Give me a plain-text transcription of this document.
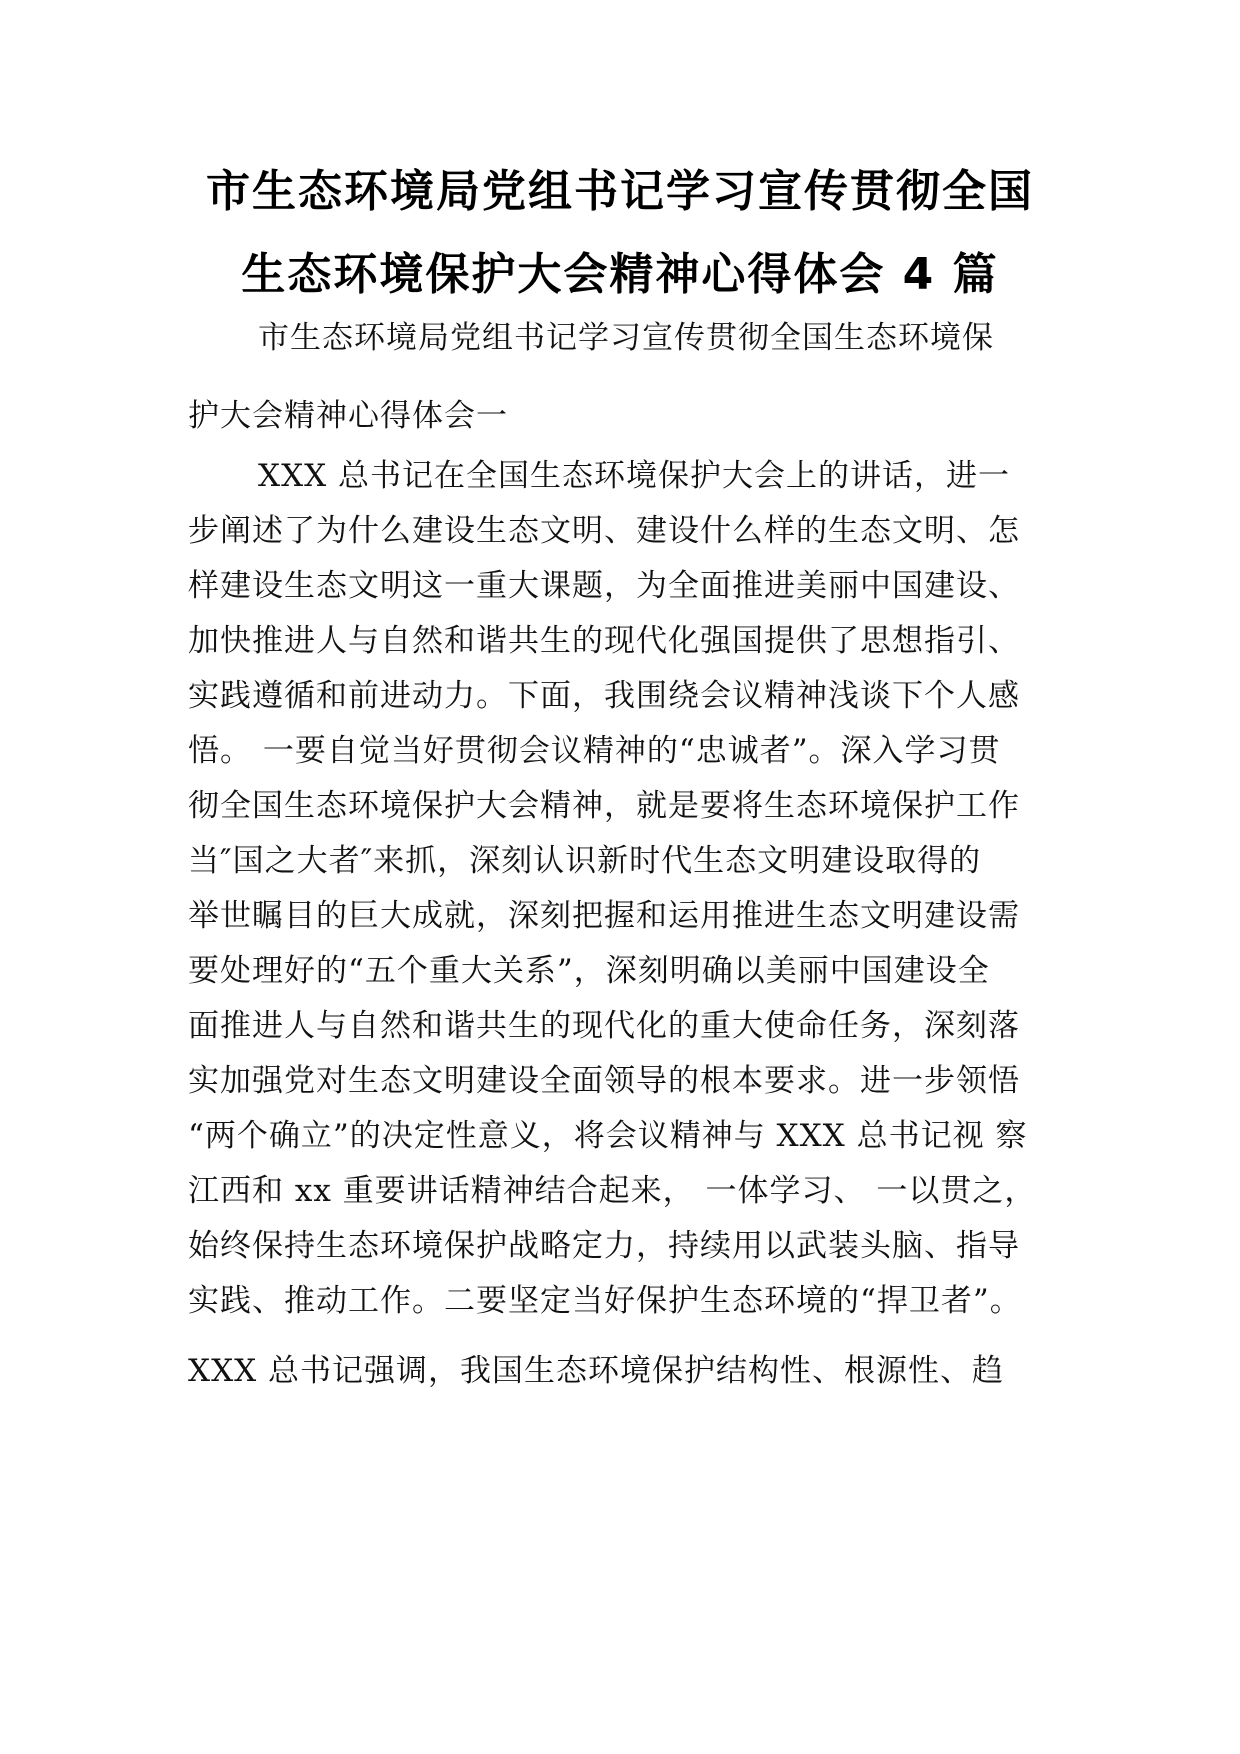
市生态环境局党组书记学习宣传贯彻全国
生态环境保护大会精神心得体会 4 篇
市生态环境局党组书记学习宣传贯彻全国生态环境保
护大会精神心得体会一
XXX 总书记在全国生态环境保护大会上的讲话，进一
步阐述了为什么建设生态文明、建设什么样的生态文明、怎
样建设生态文明这一重大课题，为全面推进美丽中国建设、
加快推进人与自然和谐共生的现代化强国提供了思想指引、
实践遵循和前进动力。下面，我围绕会议精神浅谈下个人感
悟。 一要自觉当好贯彻会议精神的“忠诚者”。深入学习贯
彻全国生态环境保护大会精神，就是要将生态环境保护工作
当″国之大者″来抓，深刻认识新时代生态文明建设取得的
举世瞩目的巨大成就，深刻把握和运用推进生态文明建设需
要处理好的“五个重大关系”，深刻明确以美丽中国建设全
面推进人与自然和谐共生的现代化的重大使命任务，深刻落
实加强党对生态文明建设全面领导的根本要求。进一步领悟
“两个确立”的决定性意义，将会议精神与 XXX 总书记视 察
江西和 xx 重要讲话精神结合起来， 一体学习、 一以贯之，
始终保持生态环境保护战略定力，持续用以武装头脑、指导
实践、推动工作。二要坚定当好保护生态环境的“捍卫者”。
XXX 总书记强调，我国生态环境保护结构性、根源性、趋
